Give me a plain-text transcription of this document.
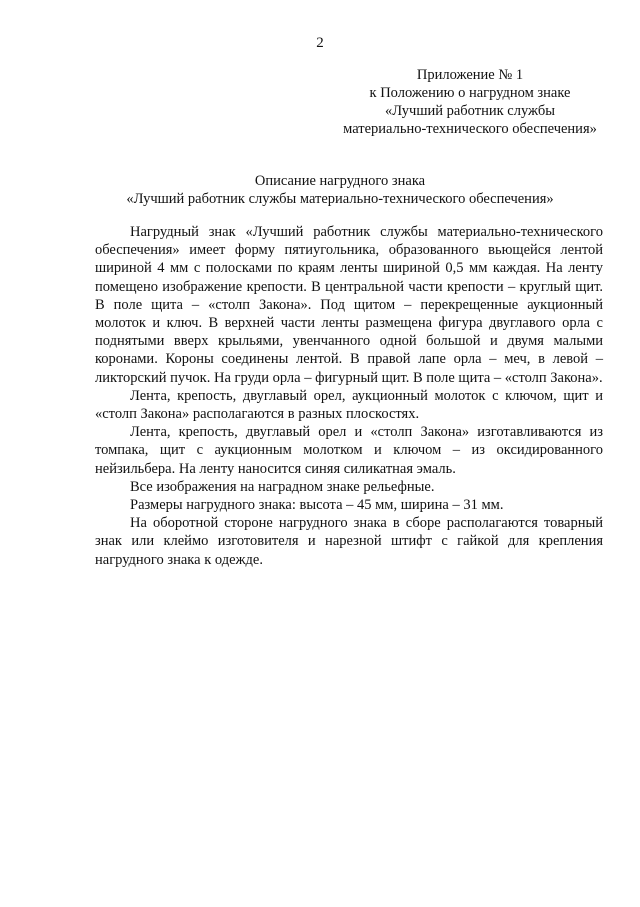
2
Приложение № 1
к Положению о нагрудном знаке
«Лучший работник службы
материально-технического обеспечения»
Описание нагрудного знака
«Лучший работник службы материально-технического обеспечения»

Нагрудный знак «Лучший работник службы материально-технического обеспечения» имеет форму пятиугольника, образованного вьющейся лентой шириной 4 мм с полосками по краям ленты шириной 0,5 мм каждая. На ленту помещено изображение крепости. В центральной части крепости – круглый щит. В поле щита – «столп Закона». Под щитом – перекрещенные аукционный молоток и ключ. В верхней части ленты размещена фигура двуглавого орла с поднятыми вверх крыльями, увенчанного одной большой и двумя малыми коронами. Короны соединены лентой. В правой лапе орла – меч, в левой – ликторский пучок. На груди орла – фигурный щит. В поле щита – «столп Закона».

Лента, крепость, двуглавый орел, аукционный молоток с ключом, щит и «столп Закона» располагаются в разных плоскостях.

Лента, крепость, двуглавый орел и «столп Закона» изготавливаются из томпака, щит с аукционным молотком и ключом – из оксидированного нейзильбера. На ленту наносится синяя силикатная эмаль.

Все изображения на наградном знаке рельефные.

Размеры нагрудного знака: высота – 45 мм, ширина – 31 мм.

На оборотной стороне нагрудного знака в сборе располагаются товарный знак или клеймо изготовителя и нарезной штифт с гайкой для крепления нагрудного знака к одежде.
